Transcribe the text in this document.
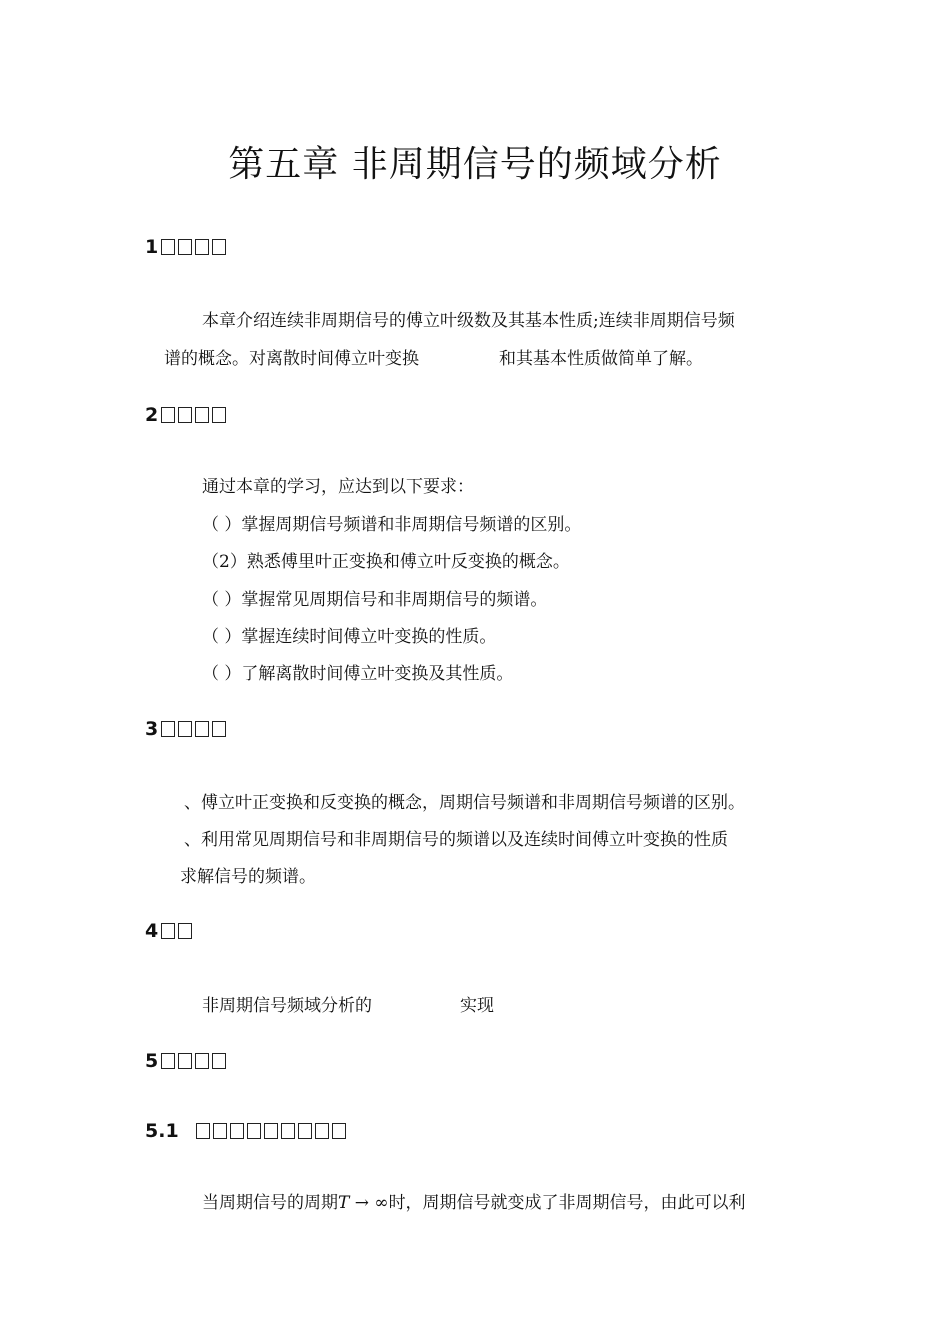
第五章 非周期信号的频域分析
1
本章介绍连续非周期信号的傅立叶级数及其基本性质;连续非周期信号频
谱的概念。对离散时间傅立叶变换	和其基本性质做简单了解。
2
通过本章的学习，应达到以下要求：
（ ）掌握周期信号频谱和非周期信号频谱的区别。
（2）熟悉傅里叶正变换和傅立叶反变换的概念。
（ ）掌握常见周期信号和非周期信号的频谱。
（ ）掌握连续时间傅立叶变换的性质。
（ ）了解离散时间傅立叶变换及其性质。
3
、傅立叶正变换和反变换的概念，周期信号频谱和非周期信号频谱的区别。
、利用常见周期信号和非周期信号的频谱以及连续时间傅立叶变换的性质
求解信号的频谱。
4
非周期信号频域分析的	实现
5
5.1
当周期信号的周期T → ∞时，周期信号就变成了非周期信号，由此可以利
